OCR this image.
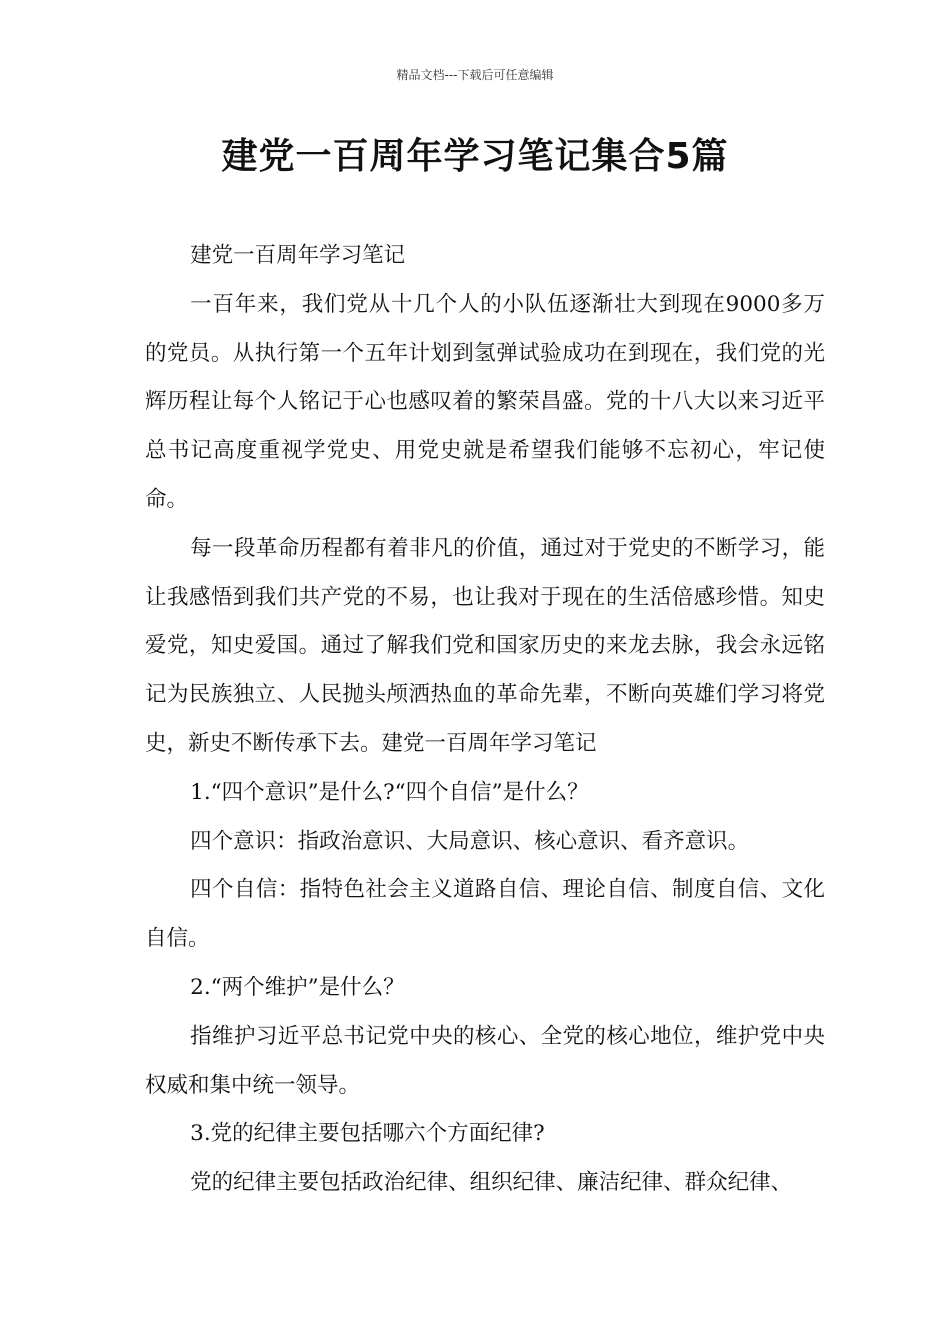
精品文档---下载后可任意编辑
建党一百周年学习笔记集合5篇

建党一百周年学习笔记

一百年来，我们党从十几个人的小队伍逐渐壮大到现在9000多万的党员。从执行第一个五年计划到氢弹试验成功在到现在，我们党的光辉历程让每个人铭记于心也感叹着的繁荣昌盛。党的十八大以来习近平总书记高度重视学党史、用党史就是希望我们能够不忘初心，牢记使命。

每一段革命历程都有着非凡的价值，通过对于党史的不断学习，能让我感悟到我们共产党的不易，也让我对于现在的生活倍感珍惜。知史爱党，知史爱国。通过了解我们党和国家历史的来龙去脉，我会永远铭记为民族独立、人民抛头颅洒热血的革命先辈，不断向英雄们学习将党史，新史不断传承下去。建党一百周年学习笔记

1.“四个意识”是什么?“四个自信”是什么？

四个意识：指政治意识、大局意识、核心意识、看齐意识。

四个自信：指特色社会主义道路自信、理论自信、制度自信、文化自信。

2.“两个维护”是什么？

指维护习近平总书记党中央的核心、全党的核心地位，维护党中央权威和集中统一领导。

3.党的纪律主要包括哪六个方面纪律?

党的纪律主要包括政治纪律、组织纪律、廉洁纪律、群众纪律、
